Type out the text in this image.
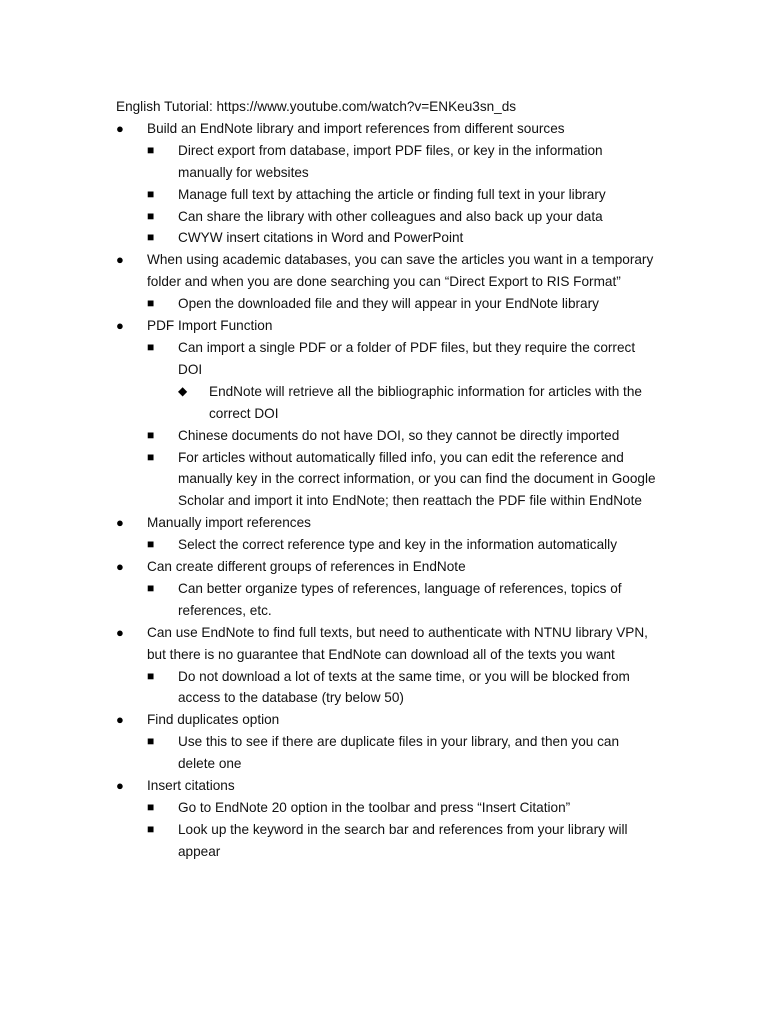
English Tutorial: https://www.youtube.com/watch?v=ENKeu3sn_ds
● Build an EndNote library and import references from different sources
■ Direct export from database, import PDF files, or key in the information manually for websites
■ Manage full text by attaching the article or finding full text in your library
■ Can share the library with other colleagues and also back up your data
■ CWYW insert citations in Word and PowerPoint
● When using academic databases, you can save the articles you want in a temporary folder and when you are done searching you can “Direct Export to RIS Format”
■ Open the downloaded file and they will appear in your EndNote library
● PDF Import Function
■ Can import a single PDF or a folder of PDF files, but they require the correct DOI
◆ EndNote will retrieve all the bibliographic information for articles with the correct DOI
■ Chinese documents do not have DOI, so they cannot be directly imported
■ For articles without automatically filled info, you can edit the reference and manually key in the correct information, or you can find the document in Google Scholar and import it into EndNote; then reattach the PDF file within EndNote
● Manually import references
■ Select the correct reference type and key in the information automatically
● Can create different groups of references in EndNote
■ Can better organize types of references, language of references, topics of references, etc.
● Can use EndNote to find full texts, but need to authenticate with NTNU library VPN, but there is no guarantee that EndNote can download all of the texts you want
■ Do not download a lot of texts at the same time, or you will be blocked from access to the database (try below 50)
● Find duplicates option
■ Use this to see if there are duplicate files in your library, and then you can delete one
● Insert citations
■ Go to EndNote 20 option in the toolbar and press “Insert Citation”
■ Look up the keyword in the search bar and references from your library will appear
